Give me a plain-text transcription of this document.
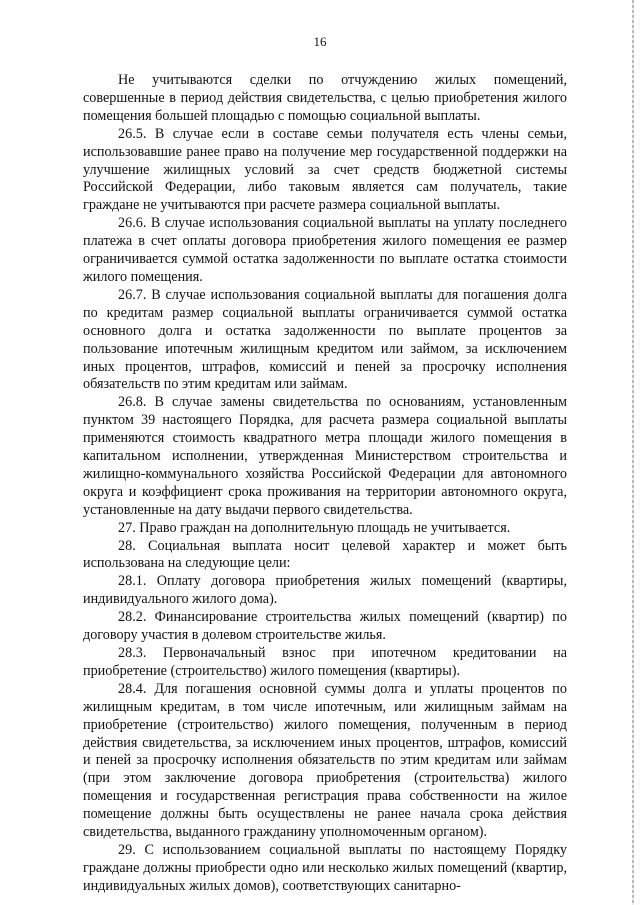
16

Не учитываются сделки по отчуждению жилых помещений, совершенные в период действия свидетельства, с целью приобретения жилого помещения большей площадью с помощью социальной выплаты.

26.5. В случае если в составе семьи получателя есть члены семьи, использовавшие ранее право на получение мер государственной поддержки на улучшение жилищных условий за счет средств бюджетной системы Российской Федерации, либо таковым является сам получатель, такие граждане не учитываются при расчете размера социальной выплаты.

26.6. В случае использования социальной выплаты на уплату последнего платежа в счет оплаты договора приобретения жилого помещения ее размер ограничивается суммой остатка задолженности по выплате остатка стоимости жилого помещения.

26.7. В случае использования социальной выплаты для погашения долга по кредитам размер социальной выплаты ограничивается суммой остатка основного долга и остатка задолженности по выплате процентов за пользование ипотечным жилищным кредитом или займом, за исключением иных процентов, штрафов, комиссий и пеней за просрочку исполнения обязательств по этим кредитам или займам.

26.8. В случае замены свидетельства по основаниям, установленным пунктом 39 настоящего Порядка, для расчета размера социальной выплаты применяются стоимость квадратного метра площади жилого помещения в капитальном исполнении, утвержденная Министерством строительства и жилищно-коммунального хозяйства Российской Федерации для автономного округа и коэффициент срока проживания на территории автономного округа, установленные на дату выдачи первого свидетельства.

27. Право граждан на дополнительную площадь не учитывается.

28. Социальная выплата носит целевой характер и может быть использована на следующие цели:

28.1. Оплату договора приобретения жилых помещений (квартиры, индивидуального жилого дома).

28.2. Финансирование строительства жилых помещений (квартир) по договору участия в долевом строительстве жилья.

28.3. Первоначальный взнос при ипотечном кредитовании на приобретение (строительство) жилого помещения (квартиры).

28.4. Для погашения основной суммы долга и уплаты процентов по жилищным кредитам, в том числе ипотечным, или жилищным займам на приобретение (строительство) жилого помещения, полученным в период действия свидетельства, за исключением иных процентов, штрафов, комиссий и пеней за просрочку исполнения обязательств по этим кредитам или займам (при этом заключение договора приобретения (строительства) жилого помещения и государственная регистрация права собственности на жилое помещение должны быть осуществлены не ранее начала срока действия свидетельства, выданного гражданину уполномоченным органом).

29. С использованием социальной выплаты по настоящему Порядку граждане должны приобрести одно или несколько жилых помещений (квартир, индивидуальных жилых домов), соответствующих санитарно-
